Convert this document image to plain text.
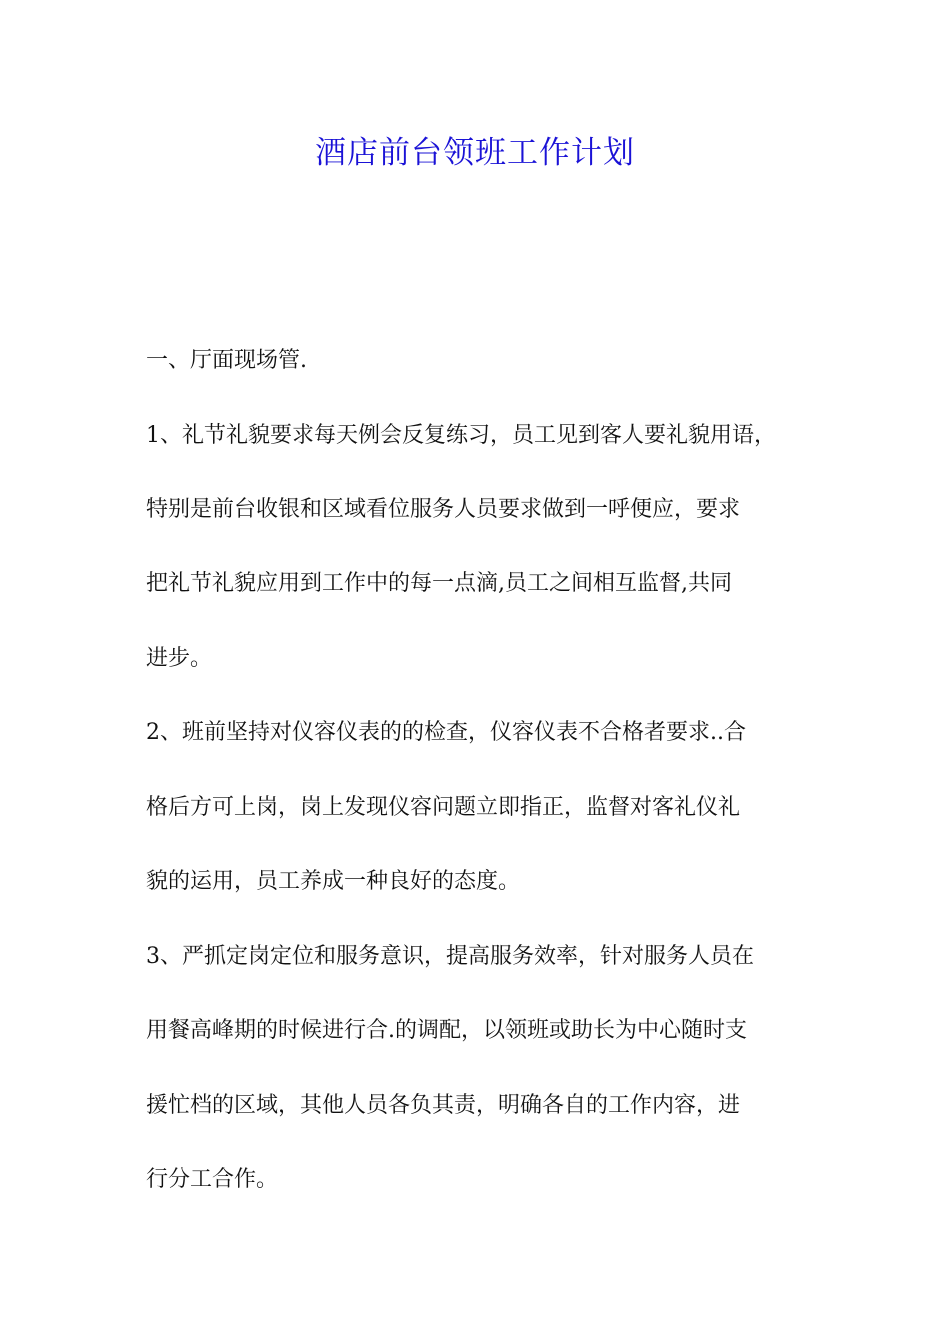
酒店前台领班工作计划
一、厅面现场管.
1、礼节礼貌要求每天例会反复练习，员工见到客人要礼貌用语，
特别是前台收银和区域看位服务人员要求做到一呼便应，要求
把礼节礼貌应用到工作中的每一点滴,员工之间相互监督,共同
进步。
2、班前坚持对仪容仪表的的检查，仪容仪表不合格者要求..合
格后方可上岗，岗上发现仪容问题立即指正，监督对客礼仪礼
貌的运用，员工养成一种良好的态度。
3、严抓定岗定位和服务意识，提高服务效率，针对服务人员在
用餐高峰期的时候进行合.的调配，以领班或助长为中心随时支
援忙档的区域，其他人员各负其责，明确各自的工作内容，进
行分工合作。
